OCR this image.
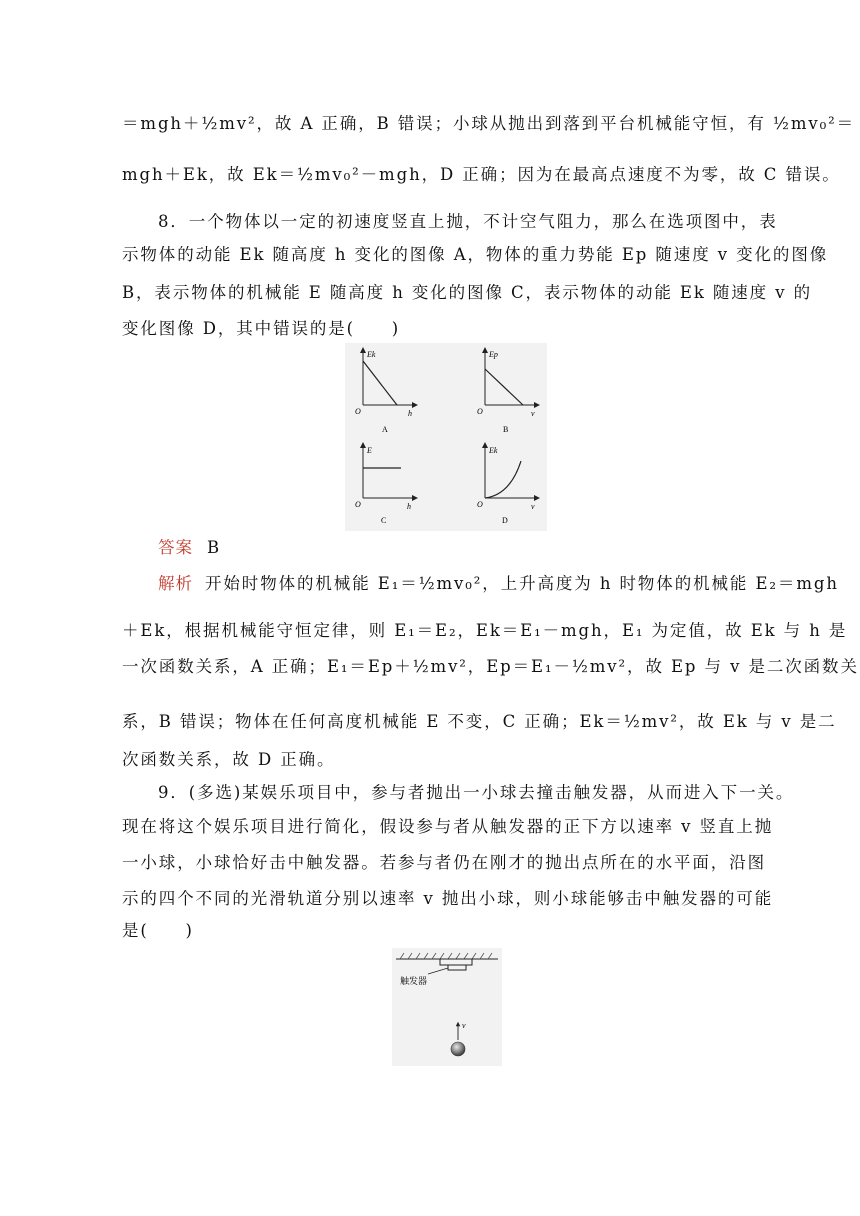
＝mgh＋½mv²，故 A 正确，B 错误；小球从抛出到落到平台机械能守恒，有 ½mv₀²＝
mgh＋Ek，故 Ek＝½mv₀²－mgh，D 正确；因为在最高点速度不为零，故 C 错误。
8．一个物体以一定的初速度竖直上抛，不计空气阻力，那么在选项图中，表
示物体的动能 Ek 随高度 h 变化的图像 A，物体的重力势能 Ep 随速度 v 变化的图像
B，表示物体的机械能 E 随高度 h 变化的图像 C，表示物体的动能 Ek 随速度 v 的
变化图像 D，其中错误的是(　　)
Ek
h
O
A
Ep
v
O
B
E
h
O
C
Ek
v
O
D
答案 B
解析 开始时物体的机械能 E₁＝½mv₀²，上升高度为 h 时物体的机械能 E₂＝mgh
＋Ek，根据机械能守恒定律，则 E₁＝E₂，Ek＝E₁－mgh，E₁ 为定值，故 Ek 与 h 是
一次函数关系，A 正确；E₁＝Ep＋½mv²，Ep＝E₁－½mv²，故 Ep 与 v 是二次函数关
系，B 错误；物体在任何高度机械能 E 不变，C 正确；Ek＝½mv²，故 Ek 与 v 是二
次函数关系，故 D 正确。
9．(多选)某娱乐项目中，参与者抛出一小球去撞击触发器，从而进入下一关。
现在将这个娱乐项目进行简化，假设参与者从触发器的正下方以速率 v 竖直上抛
一小球，小球恰好击中触发器。若参与者仍在刚才的抛出点所在的水平面，沿图
示的四个不同的光滑轨道分别以速率 v 抛出小球，则小球能够击中触发器的可能
是(　　)
触发器
v
